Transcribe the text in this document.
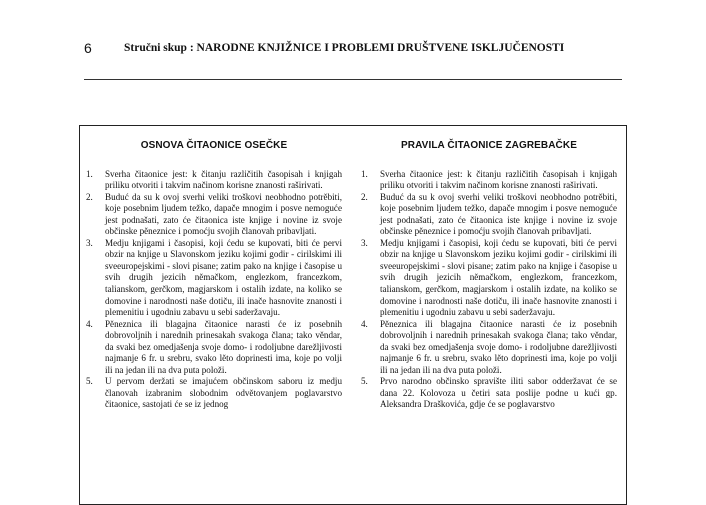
6	Stručni skup : NARODNE KNJIŽNICE I PROBLEMI DRUŠTVENE ISKLJUČENOSTI
OSNOVA ČITAONICE OSEČKE
1.	Sverha čitaonice jest: k čitanju različitih časopisah i knjigah priliku otvoriti i takvim načinom korisne znanosti raširivati.
2.	Buduć da su k ovoj sverhi veliki troškovi neobhodno potrĕbiti, koje posebnim ljudem težko, dapače mnogim i posve nemoguće jest podnašati, zato će čitaonica iste knjige i novine iz svoje občinske pĕneznice i pomoćju svojih članovah pribavljati.
3.	Medju knjigami i časopisi, koji ćedu se kupovati, biti će pervi obzir na knjige u Slavonskom jeziku kojimi godir - cirilskimi ili sveeuropejskimi - slovi pisane; zatim pako na knjige i časopise u svih drugih jezicih nĕmačkom, englezkom, francezkom, talianskom, gerčkom, magjarskom i ostalih izdate, na koliko se domovine i narodnosti naše dotiču, ili inače hasnovite znanosti i plemenitiu i ugodniu zabavu u sebi saderžavaju.
4.	Pĕneznica ili blagajna čitaonice narasti će iz posebnih dobrovoljnih i narednih prinesakah svakoga člana; tako vĕndar, da svaki bez omedjašenja svoje domo- i rodoljubne darežljivosti najmanje 6 fr. u srebru, svako lĕto doprinesti ima, koje po volji ili na jedan ili na dva puta položi.
5.	U pervom deržati se imajućem občinskom saboru iz medju članovah izabranim slobodnim odvĕtovanjem poglavarstvo čitaonice, sastojati će se iz jednog
PRAVILA ČITAONICE ZAGREBAČKE
1.	Sverha čitaonice jest: k čitanju različitih časopisah i knjigah priliku otvoriti i takvim načinom korisne znanosti raširivati.
2.	Buduć da su k ovoj sverhi veliki troškovi neobhodno potrĕbiti, koje posebnim ljudem težko, dapače mnogim i posve nemoguće jest podnašati, zato će čitaonica iste knjige i novine iz svoje občinske pĕneznice i pomoćju svojih članovah pribavljati.
3.	Medju knjigami i časopisi, koji ćedu se kupovati, biti će pervi obzir na knjige u Slavonskom jeziku kojimi godir - cirilskimi ili sveeuropejskimi - slovi pisane; zatim pako na knjige i časopise u svih drugih jezicih nĕmačkom, englezkom, francezkom, talianskom, gerčkom, magjarskom i ostalih izdate, na koliko se domovine i narodnosti naše dotiču, ili inače hasnovite znanosti i plemenitiu i ugodniu zabavu u sebi saderžavaju.
4.	Pĕneznica ili blagajna čitaonice narasti će iz posebnih dobrovoljnih i narednih prinesakah svakoga člana; tako vĕndar, da svaki bez omedjašenja svoje domo- i rodoljubne darežljivosti najmanje 6 fr. u srebru, svako lĕto doprinesti ima, koje po volji ili na jedan ili na dva puta položi.
5.	Prvo narodno občinsko spravište iliti sabor odderžavat će se dana 22. Kolovoza u četiri sata poslije podne u kući gp. Aleksandra Draškovića, gdje će se poglavarstvo
